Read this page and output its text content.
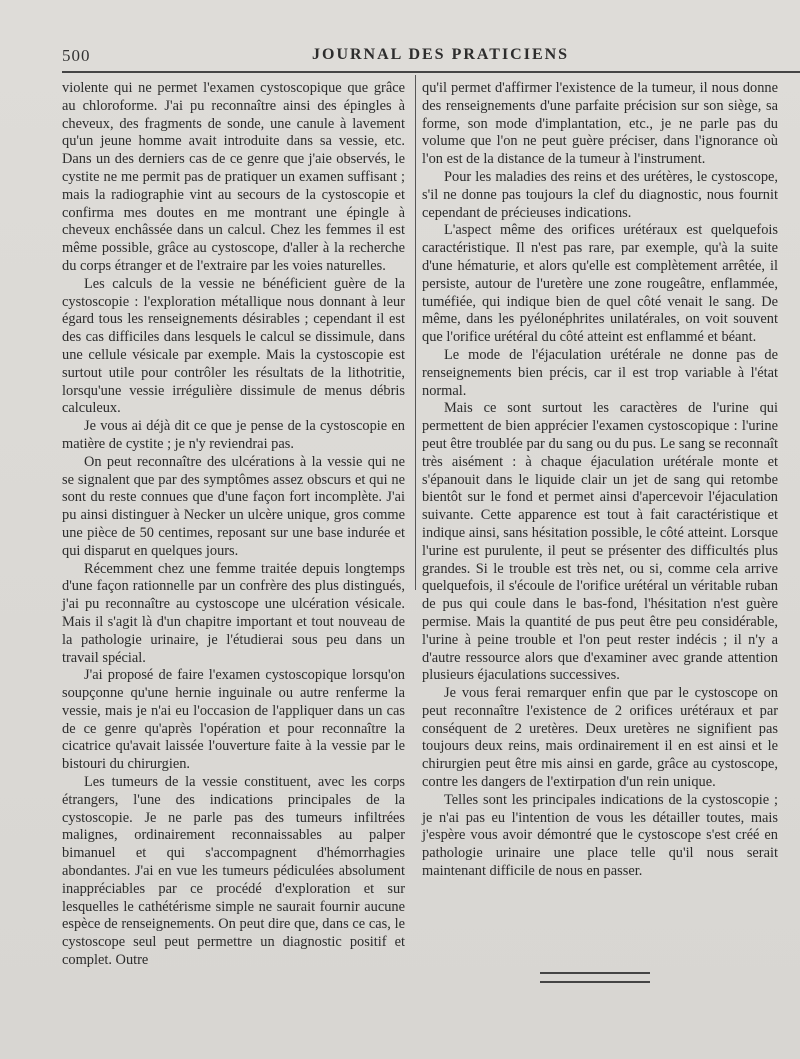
500	JOURNAL DES PRATICIENS

violente qui ne permet l'examen cystoscopique que grâce au chloroforme. J'ai pu reconnaître ainsi des épingles à cheveux, des fragments de sonde, une canule à lavement qu'un jeune homme avait introduite dans sa vessie, etc. Dans un des derniers cas de ce genre que j'aie observés, le cystite ne me permit pas de pratiquer un examen suffisant ; mais la radiographie vint au secours de la cystoscopie et confirma mes doutes en me montrant une épingle à cheveux enchâssée dans un calcul. Chez les femmes il est même possible, grâce au cystoscope, d'aller à la recherche du corps étranger et de l'extraire par les voies naturelles.

Les calculs de la vessie ne bénéficient guère de la cystoscopie : l'exploration métallique nous donnant à leur égard tous les renseignements désirables ; cependant il est des cas difficiles dans lesquels le calcul se dissimule, dans une cellule vésicale par exemple. Mais la cystoscopie est surtout utile pour contrôler les résultats de la lithotritie, lorsqu'une vessie irrégulière dissimule de menus débris calculeux.

Je vous ai déjà dit ce que je pense de la cystoscopie en matière de cystite ; je n'y reviendrai pas.

On peut reconnaître des ulcérations à la vessie qui ne se signalent que par des symptômes assez obscurs et qui ne sont du reste connues que d'une façon fort incomplète. J'ai pu ainsi distinguer à Necker un ulcère unique, gros comme une pièce de 50 centimes, reposant sur une base indurée et qui disparut en quelques jours.

Récemment chez une femme traitée depuis longtemps d'une façon rationnelle par un confrère des plus distingués, j'ai pu reconnaître au cystoscope une ulcération vésicale. Mais il s'agit là d'un chapitre important et tout nouveau de la pathologie urinaire, je l'étudierai sous peu dans un travail spécial.

J'ai proposé de faire l'examen cystoscopique lorsqu'on soupçonne qu'une hernie inguinale ou autre renferme la vessie, mais je n'ai eu l'occasion de l'appliquer dans un cas de ce genre qu'après l'opération et pour reconnaître la cicatrice qu'avait laissée l'ouverture faite à la vessie par le bistouri du chirurgien.

Les tumeurs de la vessie constituent, avec les corps étrangers, l'une des indications principales de la cystoscopie. Je ne parle pas des tumeurs infiltrées malignes, ordinairement reconnaissables au palper bimanuel et qui s'accompagnent d'hémorrhagies abondantes. J'ai en vue les tumeurs pédiculées absolument inappréciables par ce procédé d'exploration et sur lesquelles le cathétérisme simple ne saurait fournir aucune espèce de renseignements. On peut dire que, dans ce cas, le cystoscope seul peut permettre un diagnostic positif et complet. Outre

qu'il permet d'affirmer l'existence de la tumeur, il nous donne des renseignements d'une parfaite précision sur son siège, sa forme, son mode d'implantation, etc., je ne parle pas du volume que l'on ne peut guère préciser, dans l'ignorance où l'on est de la distance de la tumeur à l'instrument.

Pour les maladies des reins et des urétères, le cystoscope, s'il ne donne pas toujours la clef du diagnostic, nous fournit cependant de précieuses indications.

L'aspect même des orifices urétéraux est quelquefois caractéristique. Il n'est pas rare, par exemple, qu'à la suite d'une hématurie, et alors qu'elle est complètement arrêtée, il persiste, autour de l'uretère une zone rougeâtre, enflammée, tuméfiée, qui indique bien de quel côté venait le sang. De même, dans les pyélonéphrites unilatérales, on voit souvent que l'orifice urétéral du côté atteint est enflammé et béant.

Le mode de l'éjaculation urétérale ne donne pas de renseignements bien précis, car il est trop variable à l'état normal.

Mais ce sont surtout les caractères de l'urine qui permettent de bien apprécier l'examen cystoscopique : l'urine peut être troublée par du sang ou du pus. Le sang se reconnaît très aisément : à chaque éjaculation urétérale monte et s'épanouit dans le liquide clair un jet de sang qui retombe bientôt sur le fond et permet ainsi d'apercevoir l'éjaculation suivante. Cette apparence est tout à fait caractéristique et indique ainsi, sans hésitation possible, le côté atteint. Lorsque l'urine est purulente, il peut se présenter des difficultés plus grandes. Si le trouble est très net, ou si, comme cela arrive quelquefois, il s'écoule de l'orifice urétéral un véritable ruban de pus qui coule dans le bas-fond, l'hésitation n'est guère permise. Mais la quantité de pus peut être peu considérable, l'urine à peine trouble et l'on peut rester indécis ; il n'y a d'autre ressource alors que d'examiner avec grande attention plusieurs éjaculations successives.

Je vous ferai remarquer enfin que par le cystoscope on peut reconnaître l'existence de 2 orifices urétéraux et par conséquent de 2 uretères. Deux uretères ne signifient pas toujours deux reins, mais ordinairement il en est ainsi et le chirurgien peut être mis ainsi en garde, grâce au cystoscope, contre les dangers de l'extirpation d'un rein unique.

Telles sont les principales indications de la cystoscopie ; je n'ai pas eu l'intention de vous les détailler toutes, mais j'espère vous avoir démontré que le cystoscope s'est créé en pathologie urinaire une place telle qu'il nous serait maintenant difficile de nous en passer.
